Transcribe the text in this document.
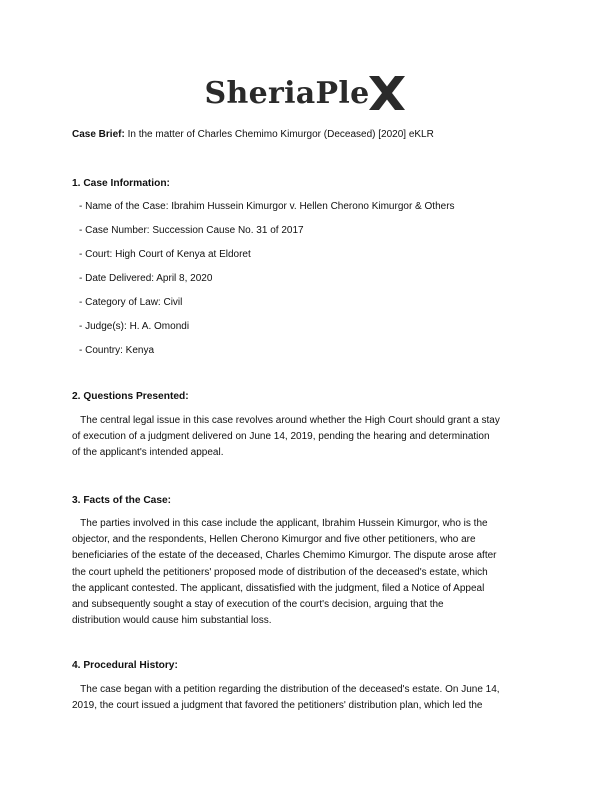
SheriaPle
Case Brief: In the matter of Charles Chemimo Kimurgor (Deceased) [2020] eKLR
1. Case Information:
- Name of the Case: Ibrahim Hussein Kimurgor v. Hellen Cherono Kimurgor & Others
- Case Number: Succession Cause No. 31 of 2017
- Court: High Court of Kenya at Eldoret
- Date Delivered: April 8, 2020
- Category of Law: Civil
- Judge(s): H. A. Omondi
- Country: Kenya
2. Questions Presented:
The central legal issue in this case revolves around whether the High Court should grant a stay
of execution of a judgment delivered on June 14, 2019, pending the hearing and determination
of the applicant's intended appeal.
3. Facts of the Case:
The parties involved in this case include the applicant, Ibrahim Hussein Kimurgor, who is the
objector, and the respondents, Hellen Cherono Kimurgor and five other petitioners, who are
beneficiaries of the estate of the deceased, Charles Chemimo Kimurgor. The dispute arose after
the court upheld the petitioners' proposed mode of distribution of the deceased's estate, which
the applicant contested. The applicant, dissatisfied with the judgment, filed a Notice of Appeal
and subsequently sought a stay of execution of the court's decision, arguing that the
distribution would cause him substantial loss.
4. Procedural History:
The case began with a petition regarding the distribution of the deceased's estate. On June 14,
2019, the court issued a judgment that favored the petitioners' distribution plan, which led the
